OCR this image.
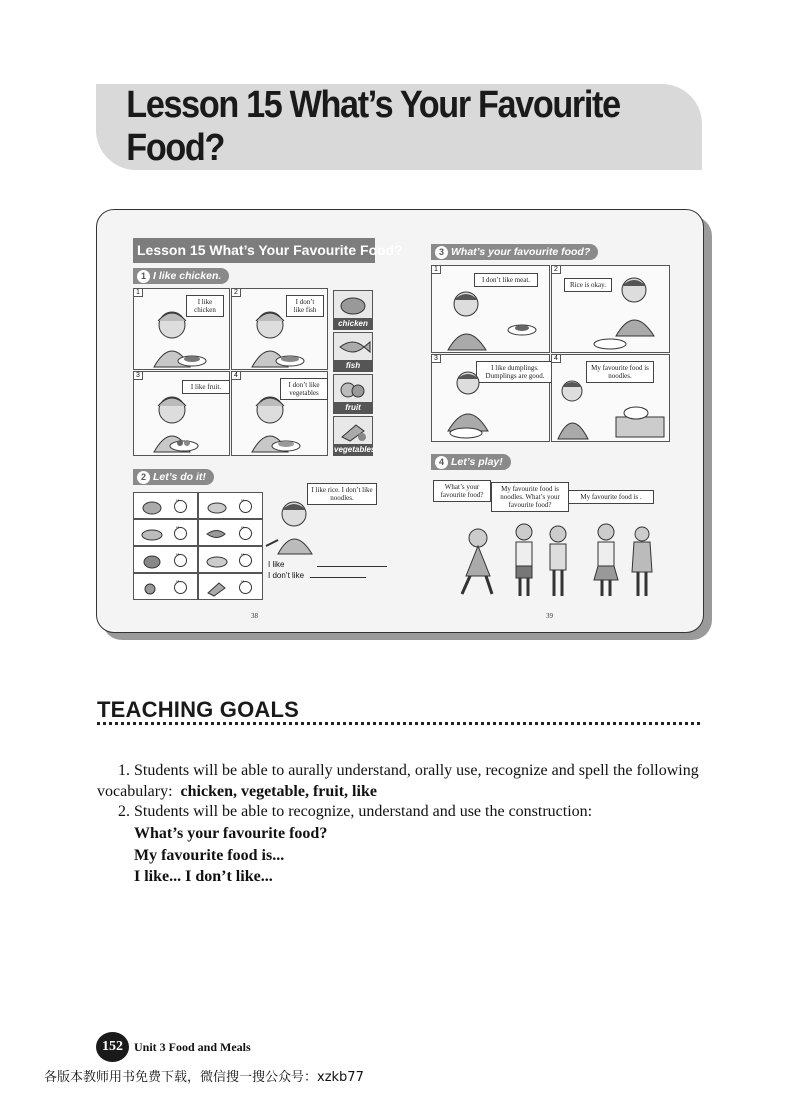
Lesson 15 What’s Your Favourite Food?
Lesson 15 What’s Your Favourite Food?
1 I like chicken.
1
I like chicken
2
I don’t like fish
3
I like fruit.
4
I don’t like vegetables
chicken
fish
fruit
vegetables
2 Let’s do it!
••
••
••
••
••
••
••
••
I like rice. I don’t like noodles.
I like
I don’t like
38
3 What’s your favourite food?
1
I don’t like meat.
2
Rice is okay.
3
I like dumplings. Dumplings are good.
4
My favourite food is noodles.
4 Let’s play!
What’s your favourite food?
My favourite food is noodles. What’s your favourite food?
My favourite food is .
39
TEACHING GOALS
1. Students will be able to aurally understand, orally use, recognize and spell the following
vocabulary: chicken, vegetable, fruit, like
2. Students will be able to recognize, understand and use the construction:
What’s your favourite food?
My favourite food is...
I like... I don’t like...
152 Unit 3 Food and Meals
各版本教师用书免费下载，微信搜一搜公众号：xzkb77
